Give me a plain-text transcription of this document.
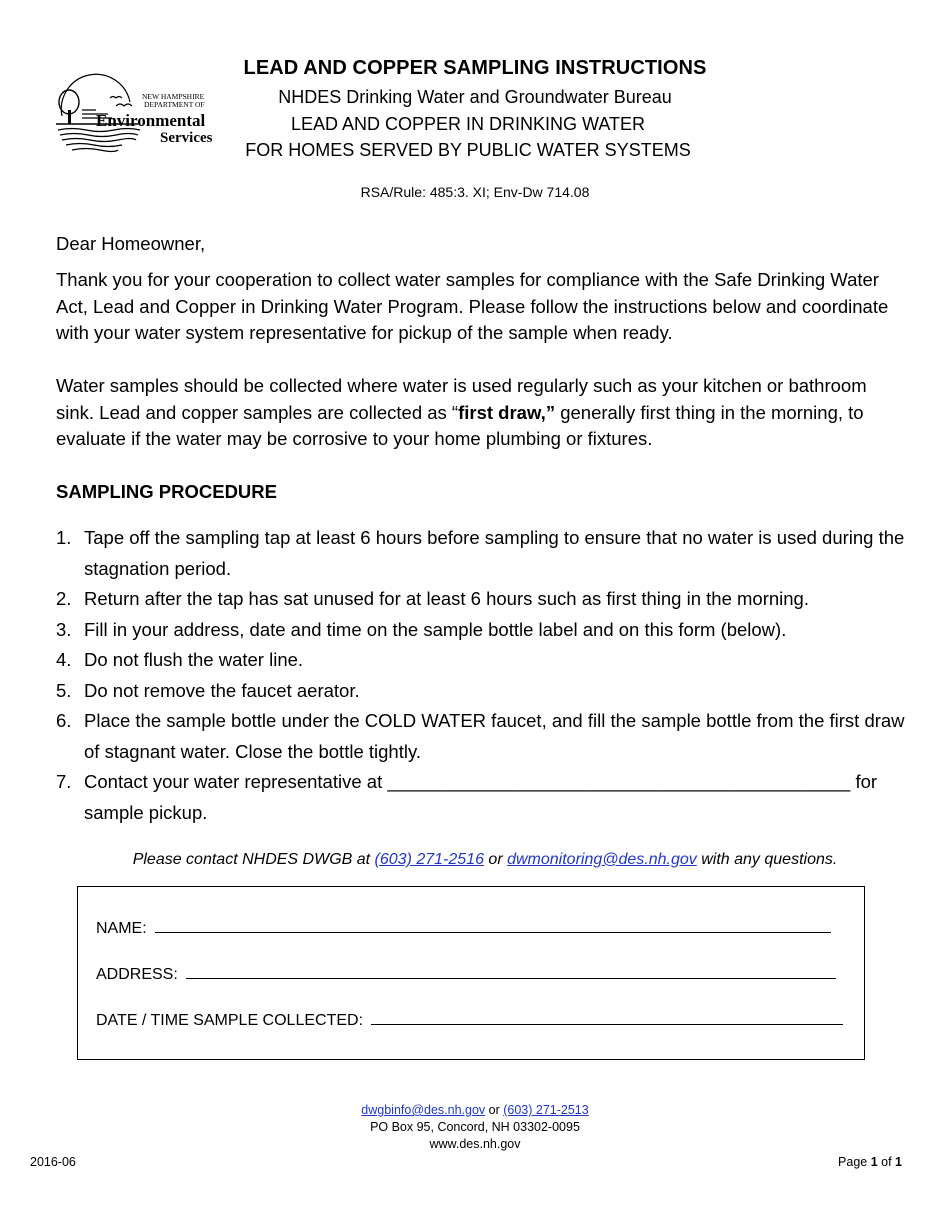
NEW HAMPSHIRE
DEPARTMENT OF
Environmental
Services
LEAD AND COPPER SAMPLING INSTRUCTIONS
NHDES Drinking Water and Groundwater Bureau
LEAD AND COPPER IN DRINKING WATER
FOR HOMES SERVED BY PUBLIC WATER SYSTEMS
RSA/Rule: 485:3. XI; Env-Dw 714.08
Dear Homeowner,
Thank you for your cooperation to collect water samples for compliance with the Safe Drinking Water Act, Lead and Copper in Drinking Water Program. Please follow the instructions below and coordinate with your water system representative for pickup of the sample when ready.
Water samples should be collected where water is used regularly such as your kitchen or bathroom sink. Lead and copper samples are collected as “first draw,” generally first thing in the morning, to evaluate if the water may be corrosive to your home plumbing or fixtures.
SAMPLING PROCEDURE
1. Tape off the sampling tap at least 6 hours before sampling to ensure that no water is used during the stagnation period.
2. Return after the tap has sat unused for at least 6 hours such as first thing in the morning.
3. Fill in your address, date and time on the sample bottle label and on this form (below).
4. Do not flush the water line.
5. Do not remove the faucet aerator.
6. Place the sample bottle under the COLD WATER faucet, and fill the sample bottle from the first draw of stagnant water. Close the bottle tightly.
7. Contact your water representative at _____________________________________________ for sample pickup.
Please contact NHDES DWGB at (603) 271-2516 or dwmonitoring@des.nh.gov with any questions.
NAME:
ADDRESS:
DATE / TIME SAMPLE COLLECTED:
dwgbinfo@des.nh.gov or (603) 271-2513
PO Box 95, Concord, NH 03302-0095
www.des.nh.gov
2016-06	Page 1 of 1
